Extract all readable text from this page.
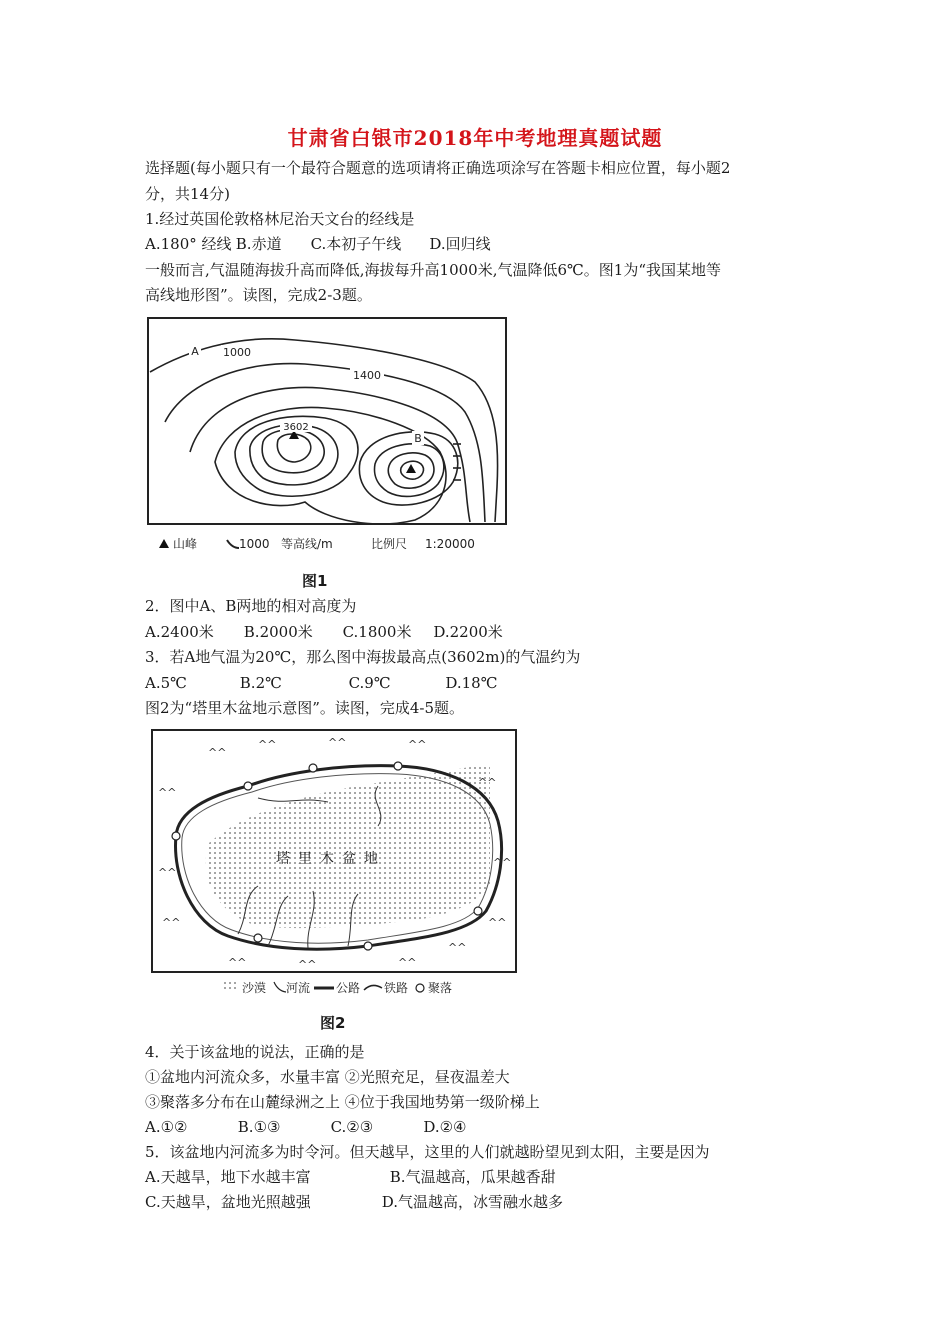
甘肃省白银市2018年中考地理真题试题
选择题(每小题只有一个最符合题意的选项请将正确选项涂写在答题卡相应位置，每小题2
分，共14分)
1.经过英国伦敦格林尼治天文台的经线是
A.180° 经线 B.赤道 C.本初子午线 D.回归线
一般而言,气温随海拔升高而降低,海拔每升高1000米,气温降低6℃。图1为“我国某地等
高线地形图”。读图，完成2-3题。
A 1000
1400
3602
B
山峰	1000 等高线/m	比例尺 1:20000
图1
2．图中A、B两地的相对高度为
A.2400米 B.2000米 C.1800米 D.2200米
3．若A地气温为20℃，那么图中海拔最高点(3602m)的气温约为
A.5℃	B.2℃	C.9℃	D.18℃
图2为“塔里木盆地示意图”。读图，完成4-5题。
^^
^^
^^
^^
^^	^^	^^
^^
^^
^^
^^	^^	^^
^^
塔里木盆地
沙漠 河流 公路 铁路 聚落
图2
4．关于该盆地的说法，正确的是
①盆地内河流众多，水量丰富 ②光照充足，昼夜温差大
③聚落多分布在山麓绿洲之上 ④位于我国地势第一级阶梯上
A.①②	B.①③	C.②③	D.②④
5．该盆地内河流多为时令河。但天越早，这里的人们就越盼望见到太阳，主要是因为
A.天越旱，地下水越丰富	B.气温越高，瓜果越香甜
C.天越旱，盆地光照越强	D.气温越高，冰雪融水越多
